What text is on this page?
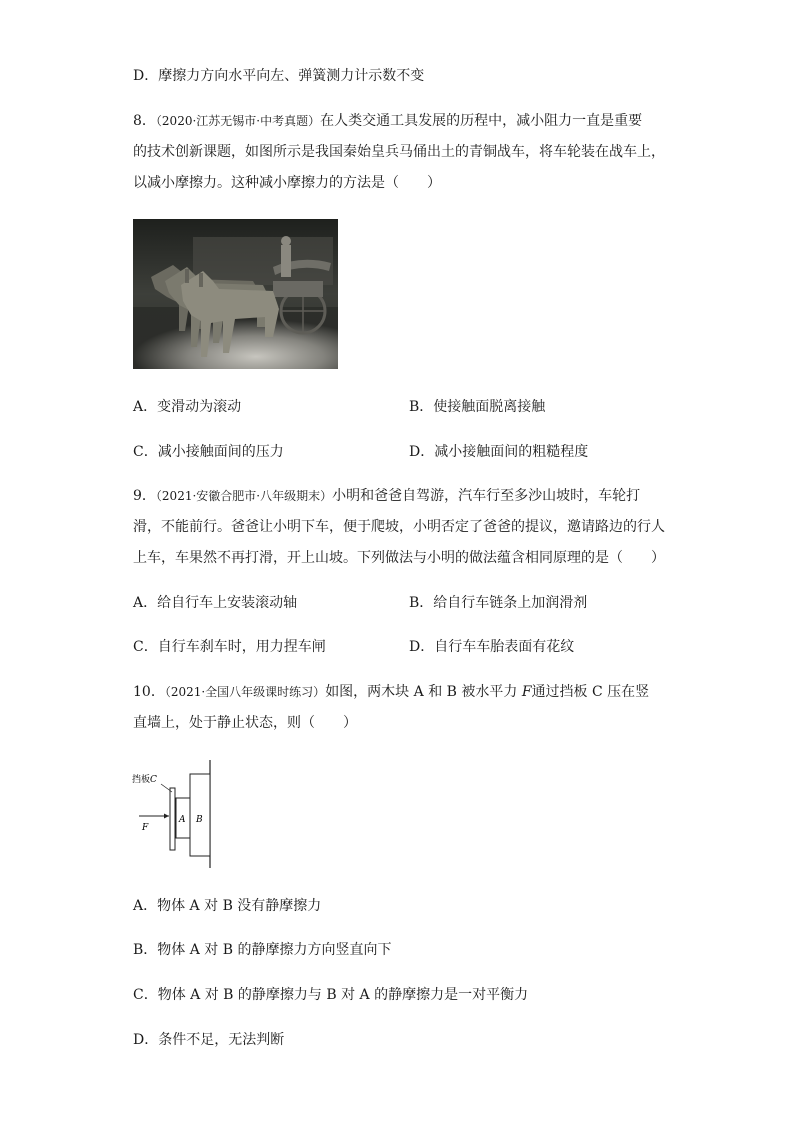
D．摩擦力方向水平向左、弹簧测力计示数不变
8．（2020·江苏无锡市·中考真题）在人类交通工具发展的历程中，减小阻力一直是重要
的技术创新课题，如图所示是我国秦始皇兵马俑出土的青铜战车，将车轮装在战车上，
以减小摩擦力。这种减小摩擦力的方法是（　　）
A．变滑动为滚动	B．使接触面脱离接触
C．减小接触面间的压力	D．减小接触面间的粗糙程度
9．（2021·安徽合肥市·八年级期末）小明和爸爸自驾游，汽车行至多沙山坡时，车轮打
滑，不能前行。爸爸让小明下车，便于爬坡，小明否定了爸爸的提议，邀请路边的行人
上车，车果然不再打滑，开上山坡。下列做法与小明的做法蕴含相同原理的是（　　）
A．给自行车上安装滚动轴	B．给自行车链条上加润滑剂
C．自行车刹车时，用力捏车闸	D．自行车车胎表面有花纹
10．（2021·全国八年级课时练习）如图，两木块 A 和 B 被水平力 F通过挡板 C 压在竖
直墙上，处于静止状态，则（　　）
挡板C
F
A B
A．物体 A 对 B 没有静摩擦力
B．物体 A 对 B 的静摩擦力方向竖直向下
C．物体 A 对 B 的静摩擦力与 B 对 A 的静摩擦力是一对平衡力
D．条件不足，无法判断
